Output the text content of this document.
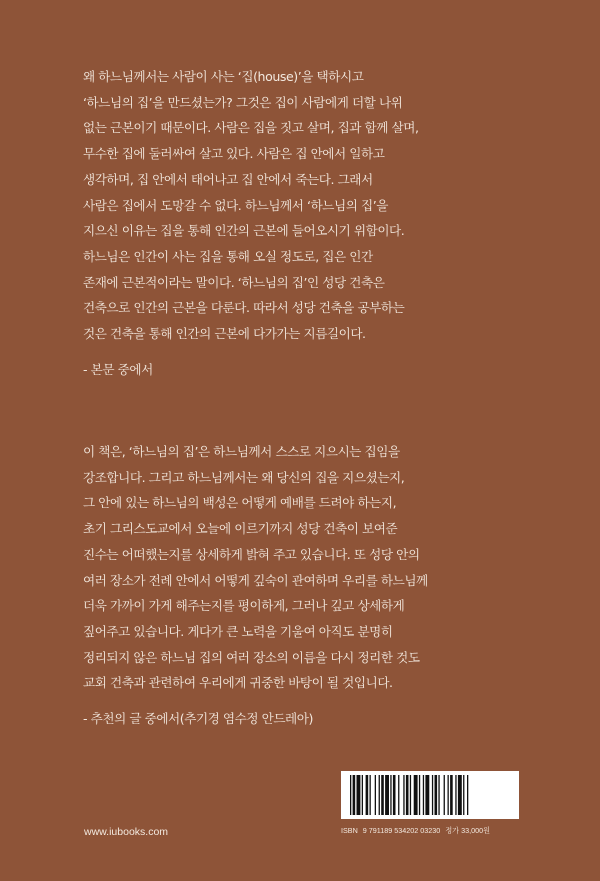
왜 하느님께서는 사람이 사는 ‘집(house)’을 택하시고
‘하느님의 집’을 만드셨는가? 그것은 집이 사람에게 더할 나위
없는 근본이기 때문이다. 사람은 집을 짓고 살며, 집과 함께 살며,
무수한 집에 둘러싸여 살고 있다. 사람은 집 안에서 일하고
생각하며, 집 안에서 태어나고 집 안에서 죽는다. 그래서
사람은 집에서 도망갈 수 없다. 하느님께서 ‘하느님의 집’을
지으신 이유는 집을 통해 인간의 근본에 들어오시기 위함이다.
하느님은 인간이 사는 집을 통해 오실 정도로, 집은 인간
존재에 근본적이라는 말이다. ‘하느님의 집’인 성당 건축은
건축으로 인간의 근본을 다룬다. 따라서 성당 건축을 공부하는
것은 건축을 통해 인간의 근본에 다가가는 지름길이다.
- 본문 중에서
이 책은, ‘하느님의 집’은 하느님께서 스스로 지으시는 집임을
강조합니다. 그리고 하느님께서는 왜 당신의 집을 지으셨는지,
그 안에 있는 하느님의 백성은 어떻게 예배를 드려야 하는지,
초기 그리스도교에서 오늘에 이르기까지 성당 건축이 보여준
진수는 어떠했는지를 상세하게 밝혀 주고 있습니다. 또 성당 안의
여러 장소가 전례 안에서 어떻게 깊숙이 관여하며 우리를 하느님께
더욱 가까이 가게 해주는지를 평이하게, 그러나 깊고 상세하게
짚어주고 있습니다. 게다가 큰 노력을 기울여 아직도 분명히
정리되지 않은 하느님 집의 여러 장소의 이름을 다시 정리한 것도
교회 건축과 관련하여 우리에게 귀중한 바탕이 될 것입니다.
- 추천의 글 중에서(추기경 염수정 안드레아)
www.iubooks.com	ISBN 9 791189 534202 03230 정가 33,000원
